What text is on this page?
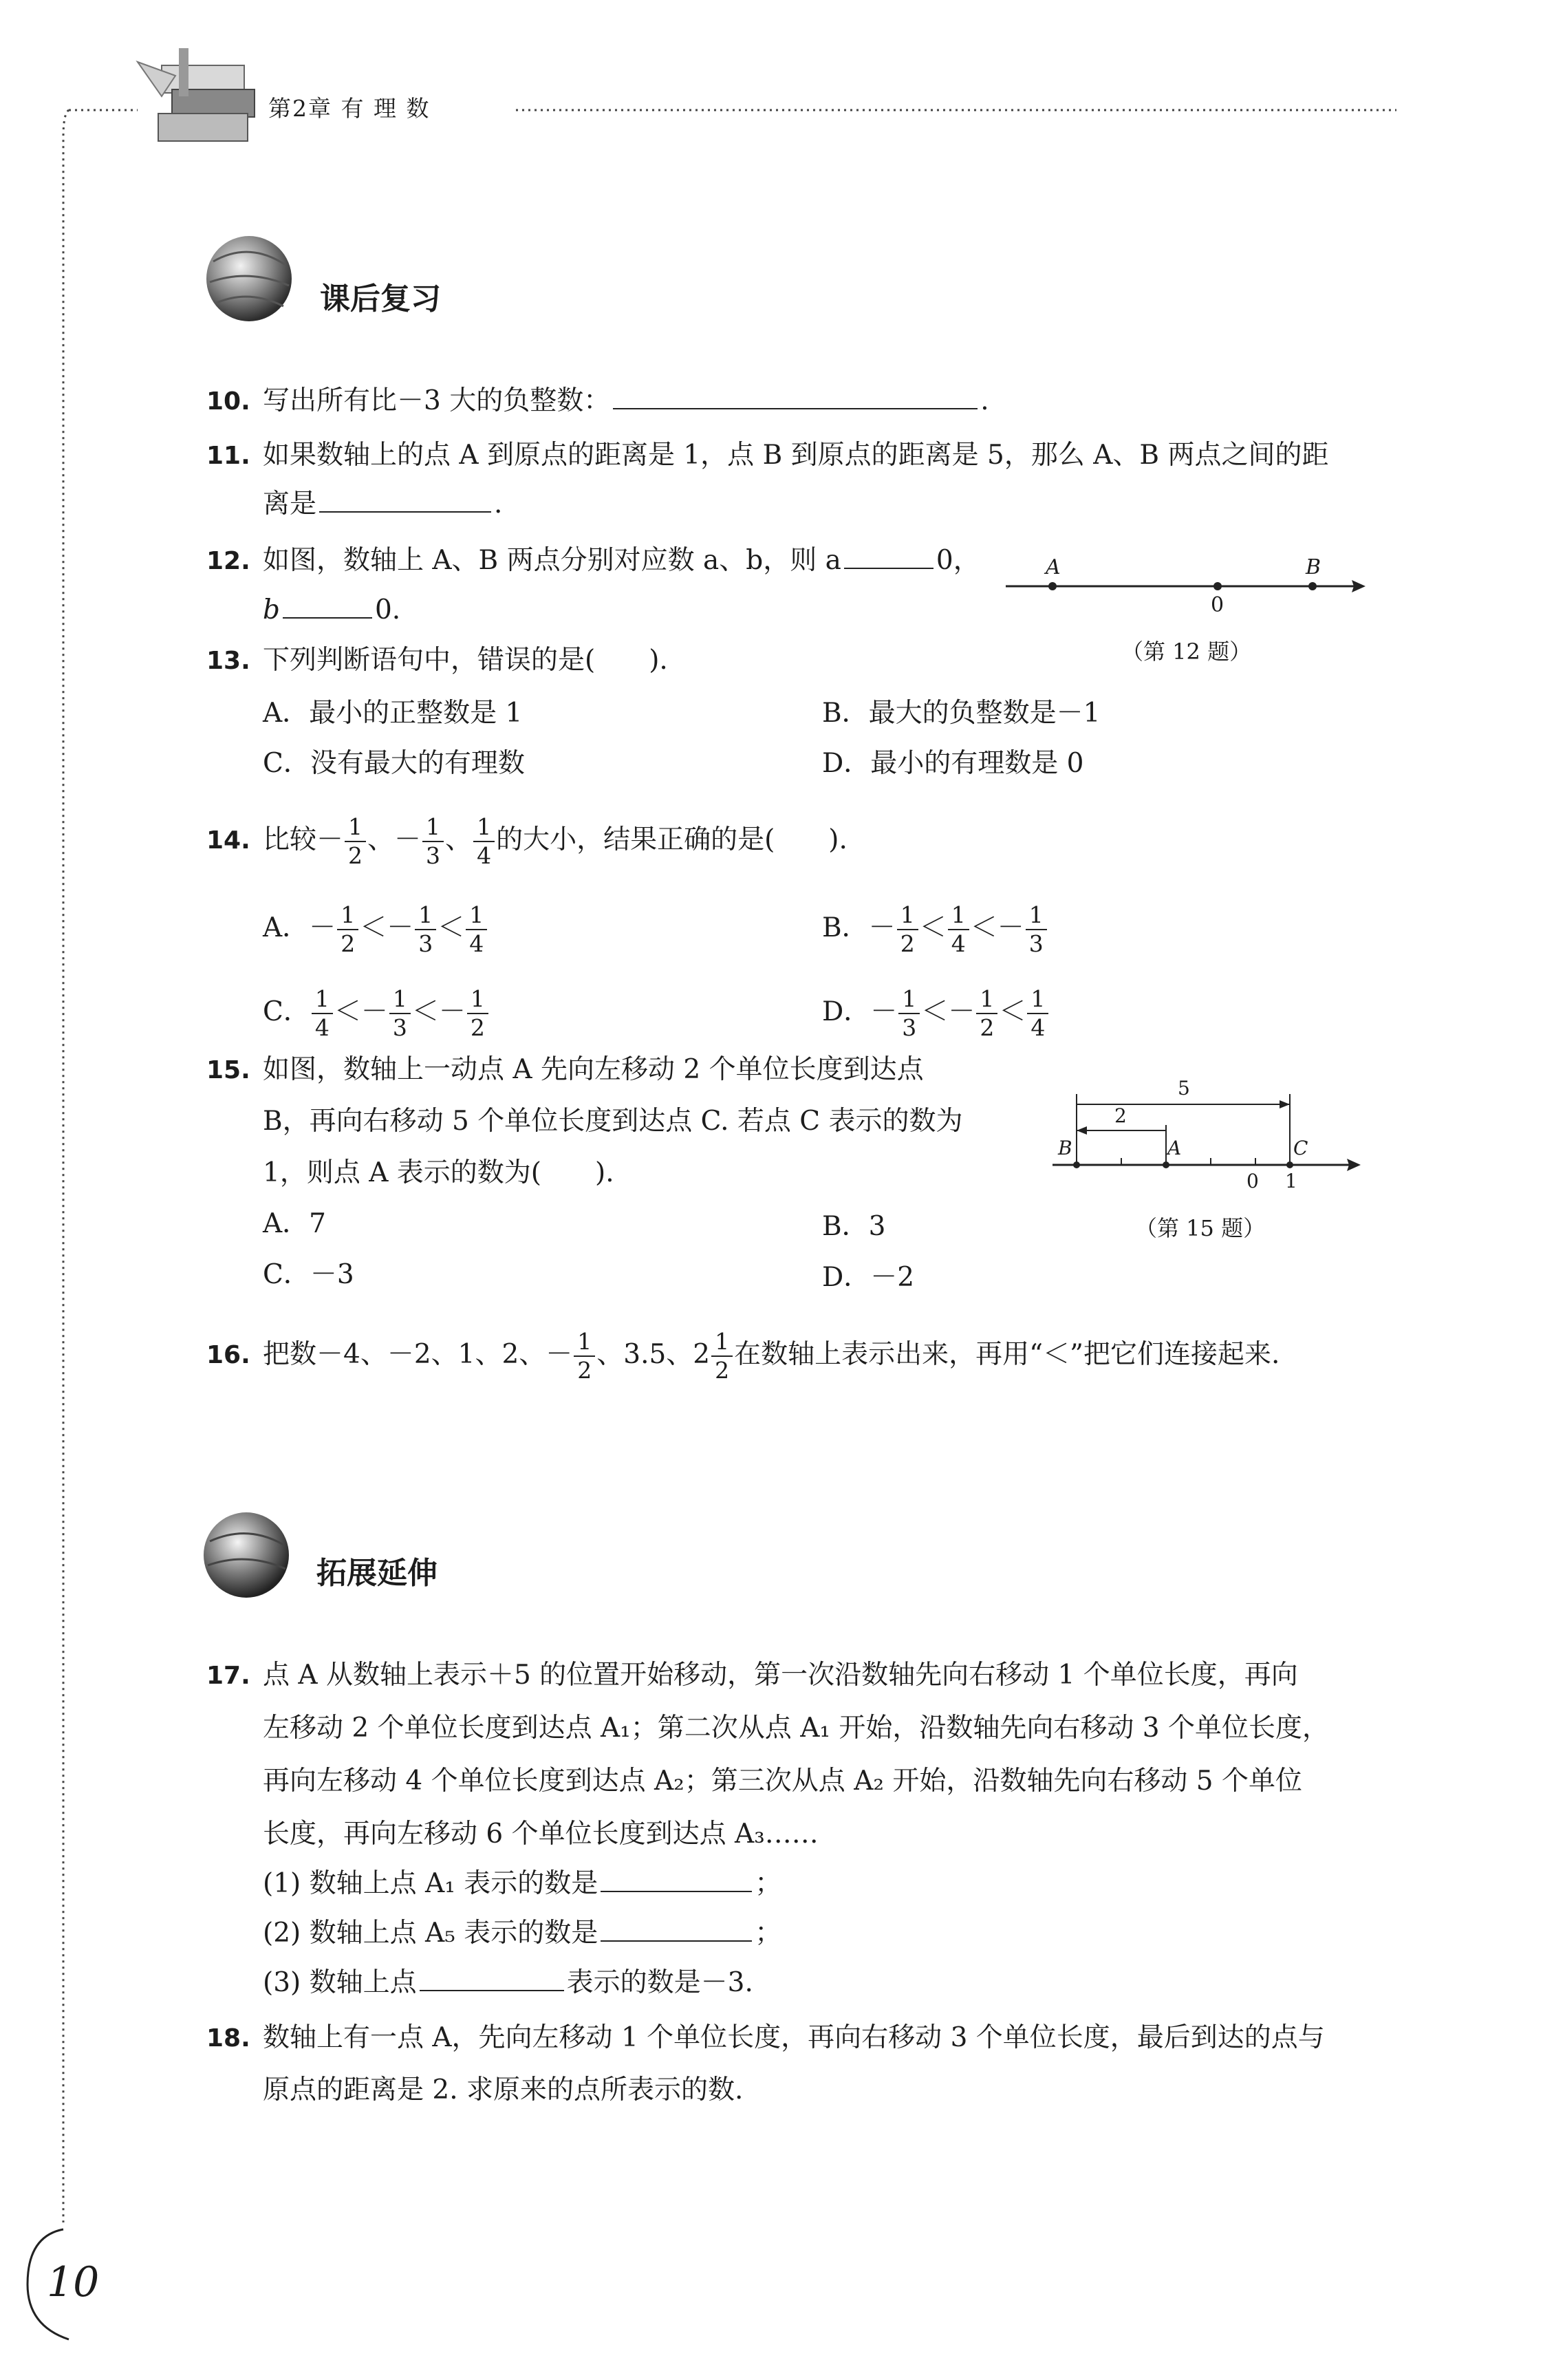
第2章 有 理 数
课后复习
拓展延伸
10. 写出所有比－3 大的负整数：	.
11. 如果数轴上的点 A 到原点的距离是 1，点 B 到原点的距离是 5，那么 A、B 两点之间的距
离是	.
12. 如图，数轴上 A、B 两点分别对应数 a、b，则 a	0，
b	0.
A
0
B
（第 12 题）
13. 下列判断语句中，错误的是(　　).
A．最小的正整数是 1	B．最大的负整数是－1
C．没有最大的有理数	D．最小的有理数是 0
14. 比较－ $\frac{1}{2}$ 、－ $\frac{1}{3}$ 、 $\frac{1}{4}$ 的大小，结果正确的是(　　).
A．－ $\frac{1}{2} <- \frac{1}{3} < \frac{1}{4}$	B．－ $\frac{1}{2} < \frac{1}{4} <- \frac{1}{3}$
C． $\frac{1}{4} <- \frac{1}{3} <- \frac{1}{2}$	D．－ $\frac{1}{3} <- \frac{1}{2} < \frac{1}{4}$
15. 如图，数轴上一动点 A 先向左移动 2 个单位长度到达点
B，再向右移动 5 个单位长度到达点 C. 若点 C 表示的数为
1，则点 A 表示的数为(　　).
A．7	B．3
C．－3	D．－2
5
2
B	A	C
0 1
（第 15 题）
16. 把数－4、－2、1、2、－ $\frac{1}{2}$ 、3.5、$2 \frac{1}{2}$ 在数轴上表示出来，再用“＜”把它们连接起来.
17. 点 A 从数轴上表示＋5 的位置开始移动，第一次沿数轴先向右移动 1 个单位长度，再向
左移动 2 个单位长度到达点 A₁；第二次从点 A₁ 开始，沿数轴先向右移动 3 个单位长度，
再向左移动 4 个单位长度到达点 A₂；第三次从点 A₂ 开始，沿数轴先向右移动 5 个单位
长度，再向左移动 6 个单位长度到达点 A₃……
(1) 数轴上点 A₁ 表示的数是	；
(2) 数轴上点 A₅ 表示的数是	；
(3) 数轴上点	表示的数是－3.
18. 数轴上有一点 A，先向左移动 1 个单位长度，再向右移动 3 个单位长度，最后到达的点与
原点的距离是 2. 求原来的点所表示的数.
10
